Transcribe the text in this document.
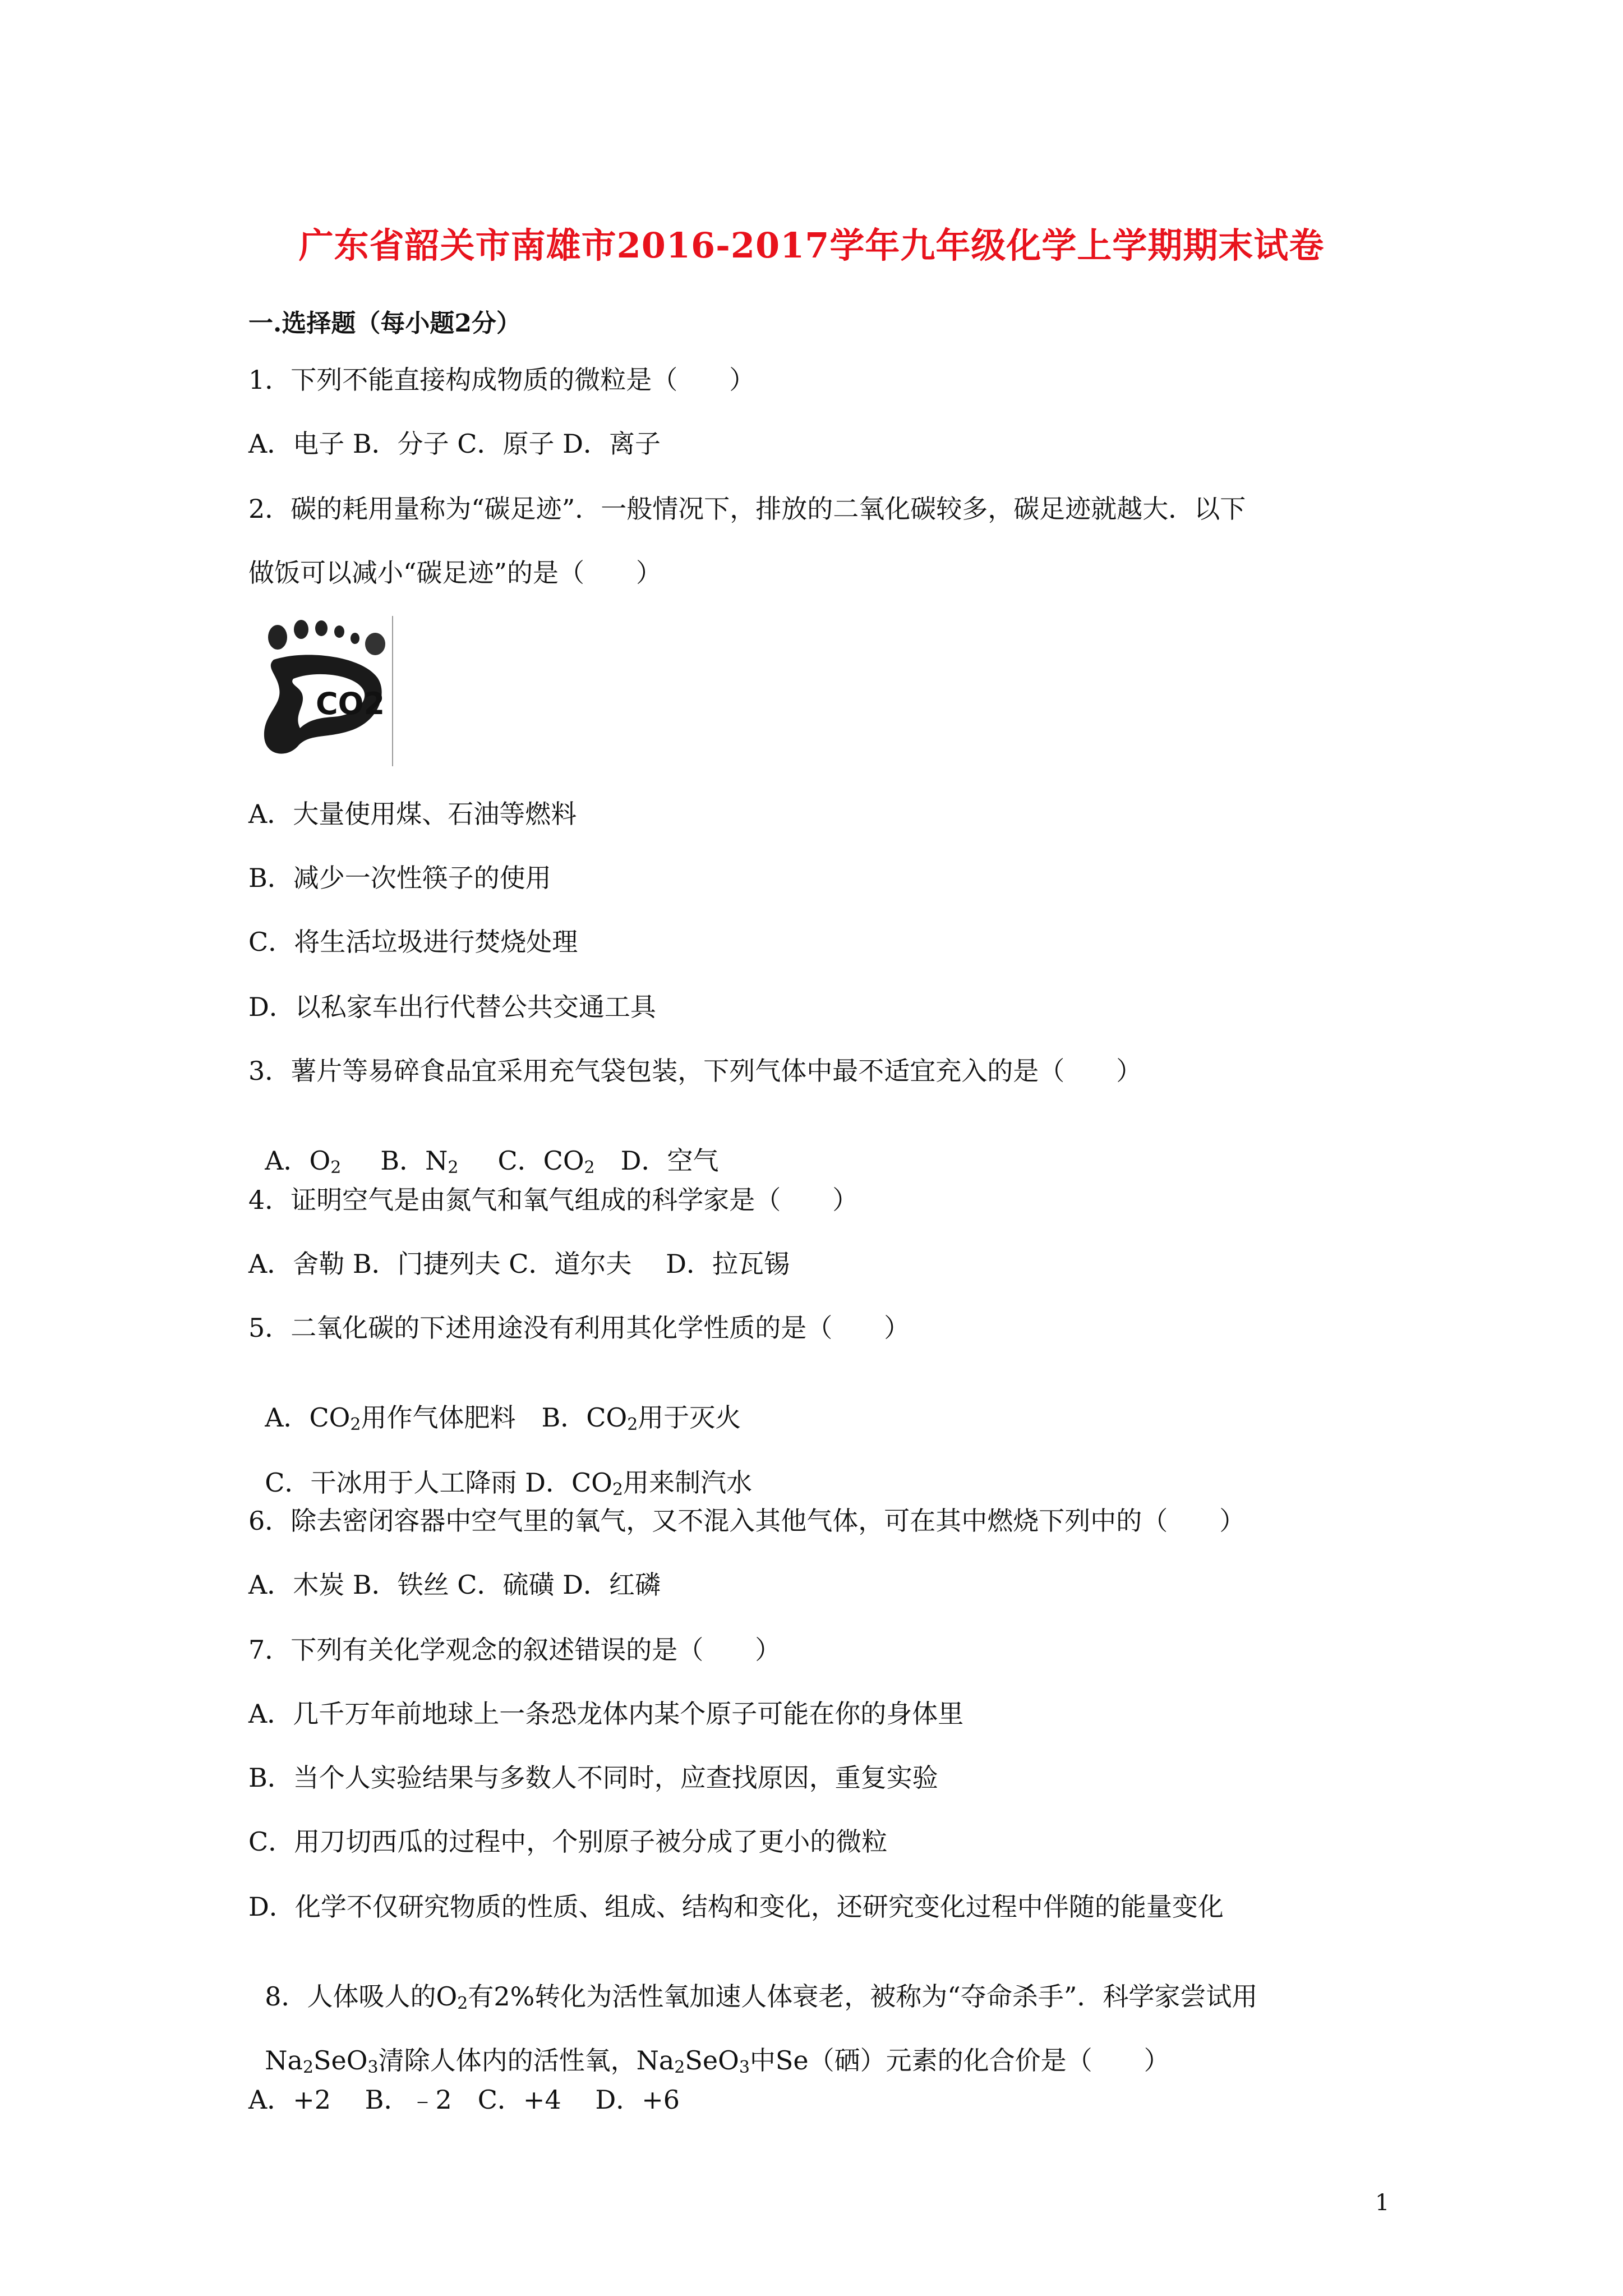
广东省韶关市南雄市2016-2017学年九年级化学上学期期末试卷
一.选择题（每小题2分）
1．下列不能直接构成物质的微粒是（　　）
A．电子 B．分子 C．原子 D．离子
2．碳的耗用量称为“碳足迹”．一般情况下，排放的二氧化碳较多，碳足迹就越大．以下
做饭可以减小“碳足迹”的是（　　）
CO2
A．大量使用煤、石油等燃料
B．减少一次性筷子的使用
C．将生活垃圾进行焚烧处理
D．以私家车出行代替公共交通工具
3．薯片等易碎食品宜采用充气袋包装，下列气体中最不适宜充入的是（　　）

A．$O_2$ B．$N_2$ C．$CO_2$ D．空气

4．证明空气是由氮气和氧气组成的科学家是（　　）
A．舍勒 B．门捷列夫 C．道尔夫　 D．拉瓦锡
5．二氧化碳的下述用途没有利用其化学性质的是（　　）

A．$CO_2$用作气体肥料　B．$CO_2$用于灭火

C．干冰用于人工降雨 D．$CO_2$用来制汽水

6．除去密闭容器中空气里的氧气，又不混入其他气体，可在其中燃烧下列中的（　　）
A．木炭 B．铁丝 C．硫磺 D．红磷
7．下列有关化学观念的叙述错误的是（　　）
A．几千万年前地球上一条恐龙体内某个原子可能在你的身体里
B．当个人实验结果与多数人不同时，应查找原因，重复实验
C．用刀切西瓜的过程中，个别原子被分成了更小的微粒
D．化学不仅研究物质的性质、组成、结构和变化，还研究变化过程中伴随的能量变化

8．人体吸人的$O_2$有2%转化为活性氧加速人体衰老，被称为“夺命杀手”．科学家尝试用

$Na_2SeO_3$清除人体内的活性氧，$Na_2SeO_3$中Se（硒）元素的化合价是（　　）

A．+2　 B．﹣2　C．+4　 D．+6
1
